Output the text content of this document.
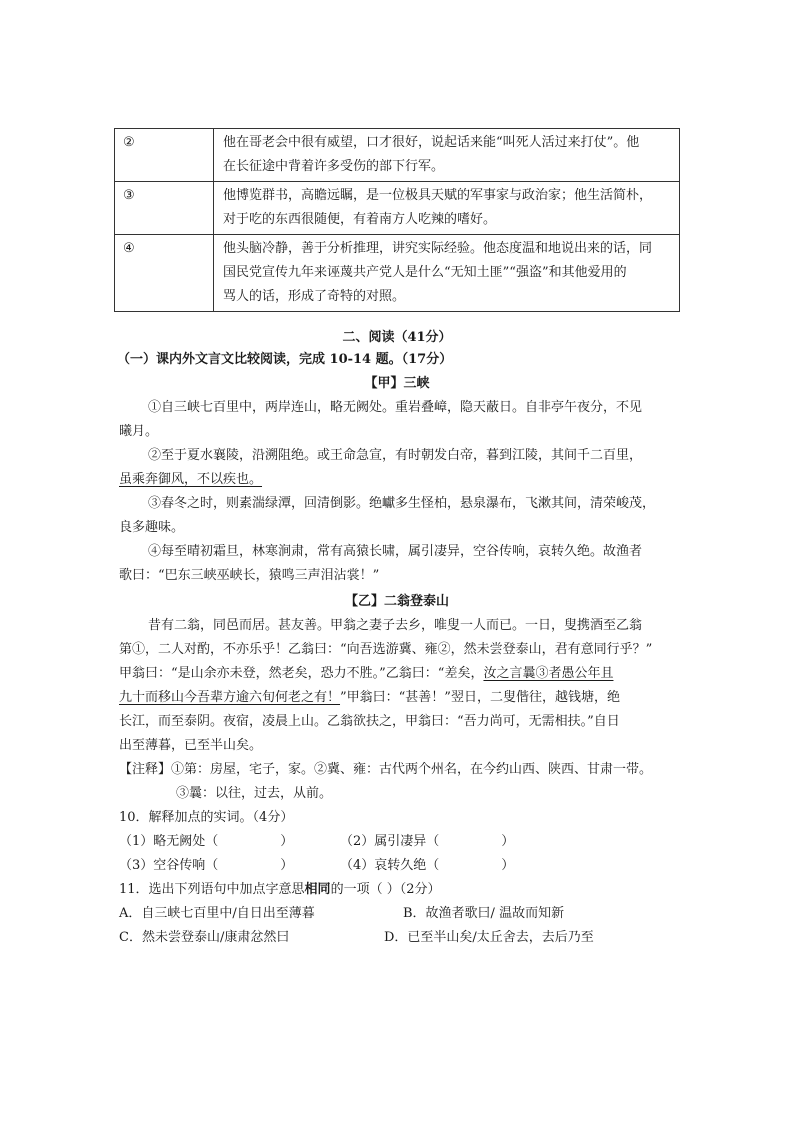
②	他在哥老会中很有威望，口才很好，说起话来能“叫死人活过来打仗”。他
在长征途中背着许多受伤的部下行军。

③	他博览群书，高瞻远瞩，是一位极具天赋的军事家与政治家；他生活简朴，
对于吃的东西很随便，有着南方人吃辣的嗜好。

④	他头脑冷静，善于分析推理，讲究实际经验。他态度温和地说出来的话，同
国民党宣传九年来诬蔑共产党人是什么“无知土匪”“强盗”和其他爱用的
骂人的话，形成了奇特的对照。
二、阅读（41分）
（一）课内外文言文比较阅读，完成 10-14 题。（17分）
【甲】三峡
①自三峡七百里中，两岸连山，略无阙处。重岩叠嶂，隐天蔽日。自非亭午夜分，不见
曦月。
②至于夏水襄陵，沿溯阻绝。或王命急宣，有时朝发白帝，暮到江陵，其间千二百里，
虽乘奔御风，不以疾也。
③春冬之时，则素湍绿潭，回清倒影。绝巘多生怪柏，悬泉瀑布，飞漱其间，清荣峻茂，
良多趣味。
④每至晴初霜旦，林寒涧肃，常有高猿长啸，属引凄异，空谷传响，哀转久绝。故渔者
歌曰：“巴东三峡巫峡长，猿鸣三声泪沾裳！”
【乙】二翁登泰山
昔有二翁，同邑而居。甚友善。甲翁之妻子去乡，唯叟一人而已。一日，叟携酒至乙翁
第①，二人对酌，不亦乐乎！乙翁曰：“向吾选游冀、雍②，然未尝登泰山，君有意同行乎？”
甲翁曰：“是山余亦未登，然老矣，恐力不胜。”乙翁曰：“差矣，汝之言曩③者愚公年且
九十而移山今吾辈方逾六旬何老之有！”甲翁曰：“甚善！”翌日，二叟偕往，越钱塘，绝
长江，而至泰阴。夜宿，凌晨上山。乙翁欲扶之，甲翁曰：“吾力尚可，无需相扶。”自日
出至薄暮，已至半山矣。
【注释】①第：房屋，宅子，家。②冀、雍：古代两个州名，在今约山西、陕西、甘肃一带。
③曩：以往，过去，从前。
10．解释加点的实词。（4分）
（1）略无阙处（	）	（2）属引凄异（	）
（3）空谷传响（	）	（4）哀转久绝（	）
11．选出下列语句中加点字意思相同的一项（ ）（2分）
A．自三峡七百里中/自日出至薄暮	B．故渔者歌曰/ 温故而知新
C．然未尝登泰山/康肃忿然曰	D．已至半山矣/太丘舍去，去后乃至
